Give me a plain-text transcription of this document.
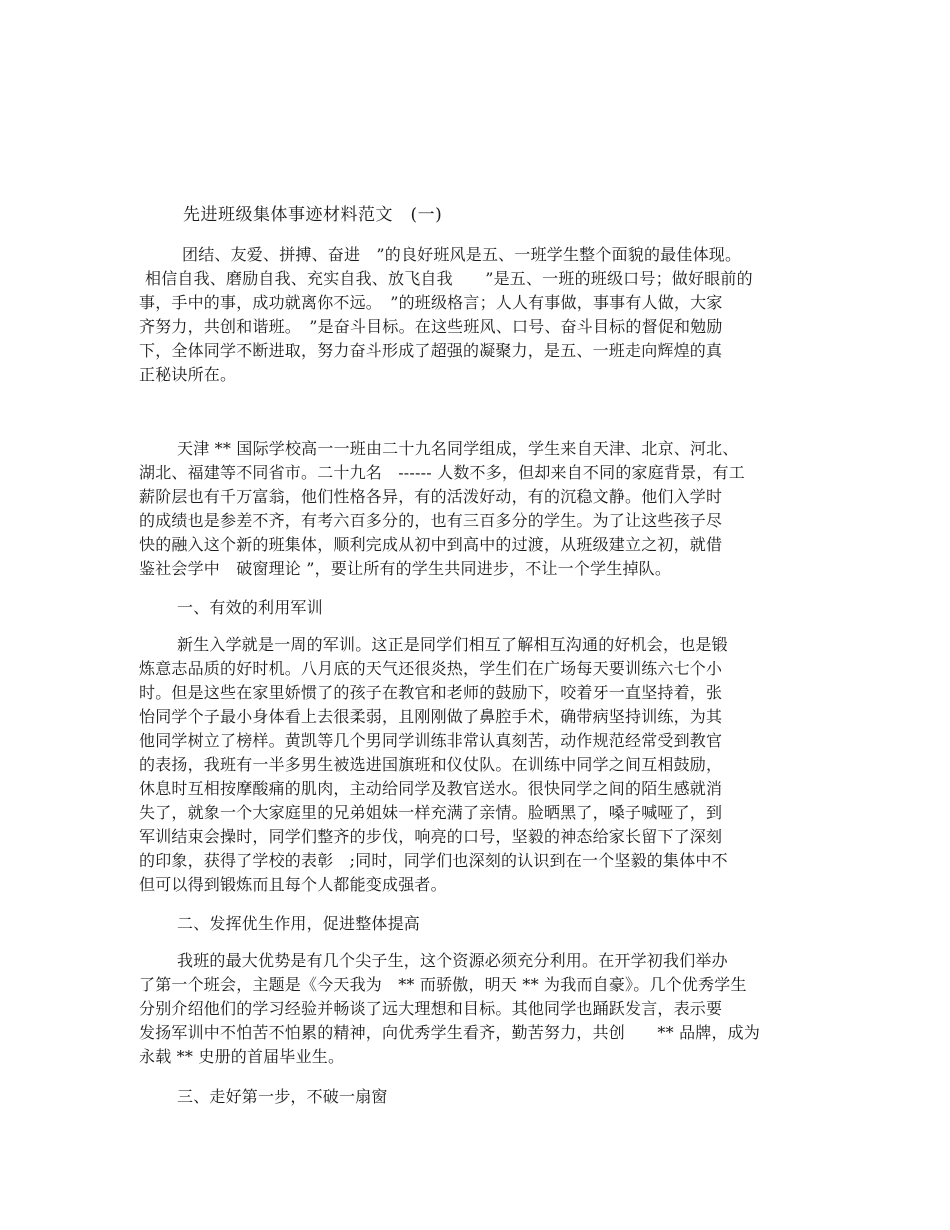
先进班级集体事迹材料范文　(一)
团结、友爱、拼搏、奋进　”的良好班风是五、一班学生整个面貌的最佳体现。
相信自我、磨励自我、充实自我、放飞自我　　”是五、一班的班级口号；做好眼前的
事，手中的事，成功就离你不远。　”的班级格言；人人有事做，事事有人做，大家
齐努力，共创和谐班。　”是奋斗目标。在这些班风、口号、奋斗目标的督促和勉励
下，全体同学不断进取，努力奋斗形成了超强的凝聚力，是五、一班走向辉煌的真
正秘诀所在。
天津 ** 国际学校高一一班由二十九名同学组成，学生来自天津、北京、河北、
湖北、福建等不同省市。二十九名　------ 人数不多，但却来自不同的家庭背景，有工
薪阶层也有千万富翁，他们性格各异，有的活泼好动，有的沉稳文静。他们入学时
的成绩也是参差不齐，有考六百多分的，也有三百多分的学生。为了让这些孩子尽
快的融入这个新的班集体，顺利完成从初中到高中的过渡，从班级建立之初，就借
鉴社会学中　破窗理论 ”，要让所有的学生共同进步，不让一个学生掉队。
一、有效的利用军训
新生入学就是一周的军训。这正是同学们相互了解相互沟通的好机会，也是锻
炼意志品质的好时机。八月底的天气还很炎热，学生们在广场每天要训练六七个小
时。但是这些在家里娇惯了的孩子在教官和老师的鼓励下，咬着牙一直坚持着，张
怡同学个子最小身体看上去很柔弱，且刚刚做了鼻腔手术，确带病坚持训练，为其
他同学树立了榜样。黄凯等几个男同学训练非常认真刻苦，动作规范经常受到教官
的表扬，我班有一半多男生被选进国旗班和仪仗队。在训练中同学之间互相鼓励，
休息时互相按摩酸痛的肌肉，主动给同学及教官送水。很快同学之间的陌生感就消
失了，就象一个大家庭里的兄弟姐妹一样充满了亲情。脸晒黑了，嗓子喊哑了，到
军训结束会操时，同学们整齐的步伐，响亮的口号，坚毅的神态给家长留下了深刻
的印象，获得了学校的表彰　;同时，同学们也深刻的认识到在一个坚毅的集体中不
但可以得到锻炼而且每个人都能变成强者。
二、发挥优生作用，促进整体提高
我班的最大优势是有几个尖子生，这个资源必须充分利用。在开学初我们举办
了第一个班会，主题是《今天我为　** 而骄傲，明天 ** 为我而自豪》。几个优秀学生
分别介绍他们的学习经验并畅谈了远大理想和目标。其他同学也踊跃发言，表示要
发扬军训中不怕苦不怕累的精神，向优秀学生看齐，勤苦努力，共创　　** 品牌，成为
永载 ** 史册的首届毕业生。
三、走好第一步，不破一扇窗
